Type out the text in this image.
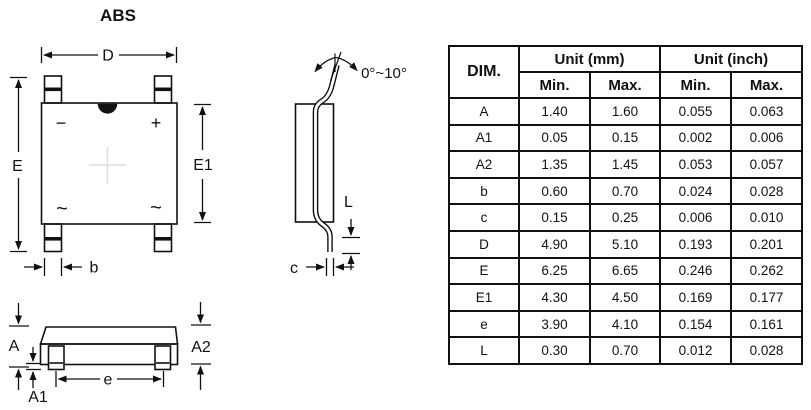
ABS
D
E	E1
b
−	+
~	~
0°~10°
L
c
A
A1
A2
e
DIM.	Unit (mm)		Unit (inch)	
	Min.	Max.	Min.	Max.
A	1.40	1.60	0.055	0.063
A1	0.05	0.15	0.002	0.006
A2	1.35	1.45	0.053	0.057
b	0.60	0.70	0.024	0.028
c	0.15	0.25	0.006	0.010
D	4.90	5.10	0.193	0.201
E	6.25	6.65	0.246	0.262
E1	4.30	4.50	0.169	0.177
e	3.90	4.10	0.154	0.161
L	0.30	0.70	0.012	0.028
